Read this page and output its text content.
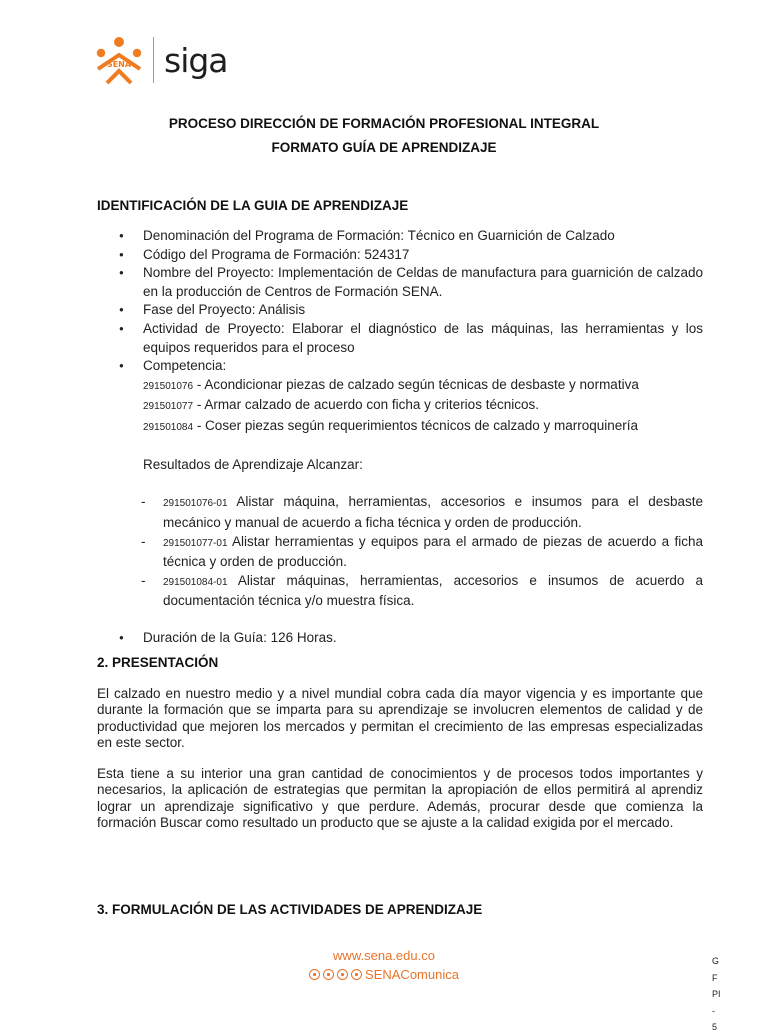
SENA siga
PROCESO DIRECCIÓN DE FORMACIÓN PROFESIONAL INTEGRAL
FORMATO GUÍA DE APRENDIZAJE
IDENTIFICACIÓN DE LA GUIA DE APRENDIZAJE
● Denominación del Programa de Formación: Técnico en Guarnición de Calzado
● Código del Programa de Formación: 524317
● Nombre del Proyecto: Implementación de Celdas de manufactura para guarnición de calzado en la producción de Centros de Formación SENA.
● Fase del Proyecto: Análisis
● Actividad de Proyecto: Elaborar el diagnóstico de las máquinas, las herramientas y los equipos requeridos para el proceso
● Competencia:
291501076 - Acondicionar piezas de calzado según técnicas de desbaste y normativa
291501077 - Armar calzado de acuerdo con ficha y criterios técnicos.
291501084 - Coser piezas según requerimientos técnicos de calzado y marroquinería
Resultados de Aprendizaje Alcanzar:
- 291501076-01 Alistar máquina, herramientas, accesorios e insumos para el desbaste mecánico y manual de acuerdo a ficha técnica y orden de producción.
- 291501077-01 Alistar herramientas y equipos para el armado de piezas de acuerdo a ficha técnica y orden de producción.
- 291501084-01 Alistar máquinas, herramientas, accesorios e insumos de acuerdo a documentación técnica y/o muestra física.
● Duración de la Guía: 126 Horas.
2. PRESENTACIÓN
El calzado en nuestro medio y a nivel mundial cobra cada día mayor vigencia y es importante que durante la formación que se imparta para su aprendizaje se involucren elementos de calidad y de productividad que mejoren los mercados y permitan el crecimiento de las empresas especializadas en este sector.
Esta tiene a su interior una gran cantidad de conocimientos y de procesos todos importantes y necesarios, la aplicación de estrategias que permitan la apropiación de ellos permitirá al aprendiz lograr un aprendizaje significativo y que perdure. Además, procurar desde que comienza la formación Buscar como resultado un producto que se ajuste a la calidad exigida por el mercado.
3. FORMULACIÓN DE LAS ACTIVIDADES DE APRENDIZAJE
www.sena.edu.co
SENAComunica
G
F
PI
-
5
